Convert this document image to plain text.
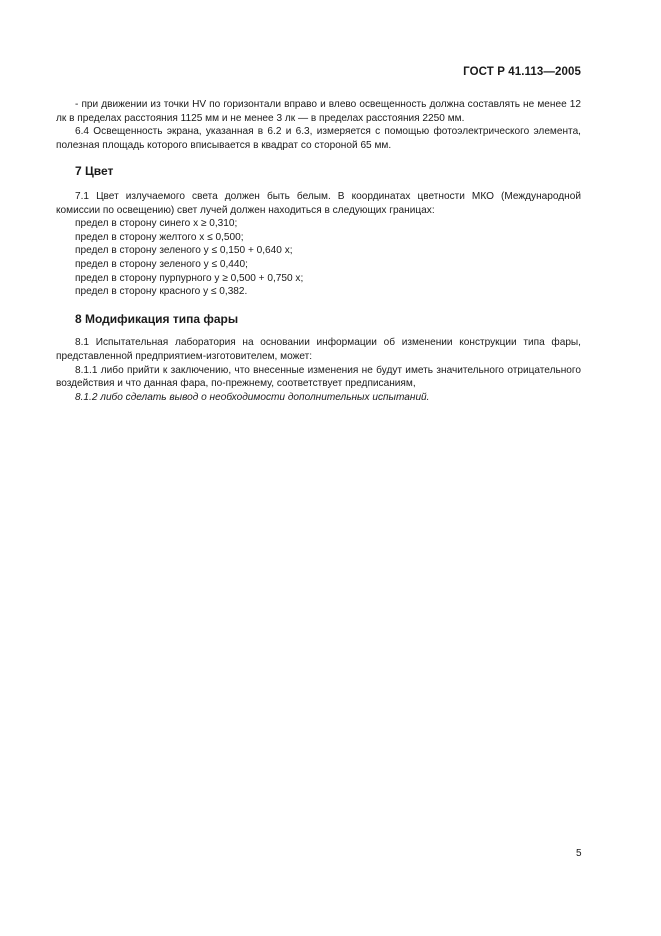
ГОСТ Р 41.113—2005

- при движении из точки HV по горизонтали вправо и влево освещенность должна составлять не менее 12 лк в пределах расстояния 1125 мм и не менее 3 лк — в пределах расстояния 2250 мм.

6.4 Освещенность экрана, указанная в 6.2 и 6.3, измеряется с помощью фотоэлектрического элемента, полезная площадь которого вписывается в квадрат со стороной 65 мм.

7 Цвет

7.1 Цвет излучаемого света должен быть белым. В координатах цветности МКО (Международной комиссии по освещению) свет лучей должен находиться в следующих границах:

предел в сторону синего x ≥ 0,310;
предел в сторону желтого x ≤ 0,500;
предел в сторону зеленого y ≤ 0,150 + 0,640 x;
предел в сторону зеленого y ≤ 0,440;
предел в сторону пурпурного y ≥ 0,500 + 0,750 x;
предел в сторону красного y ≤ 0,382.

8 Модификация типа фары

8.1 Испытательная лаборатория на основании информации об изменении конструкции типа фары, представленной предприятием-изготовителем, может:

8.1.1 либо прийти к заключению, что внесенные изменения не будут иметь значительного отрицательного воздействия и что данная фара, по-прежнему, соответствует предписаниям,

8.1.2 либо сделать вывод о необходимости дополнительных испытаний.

5
